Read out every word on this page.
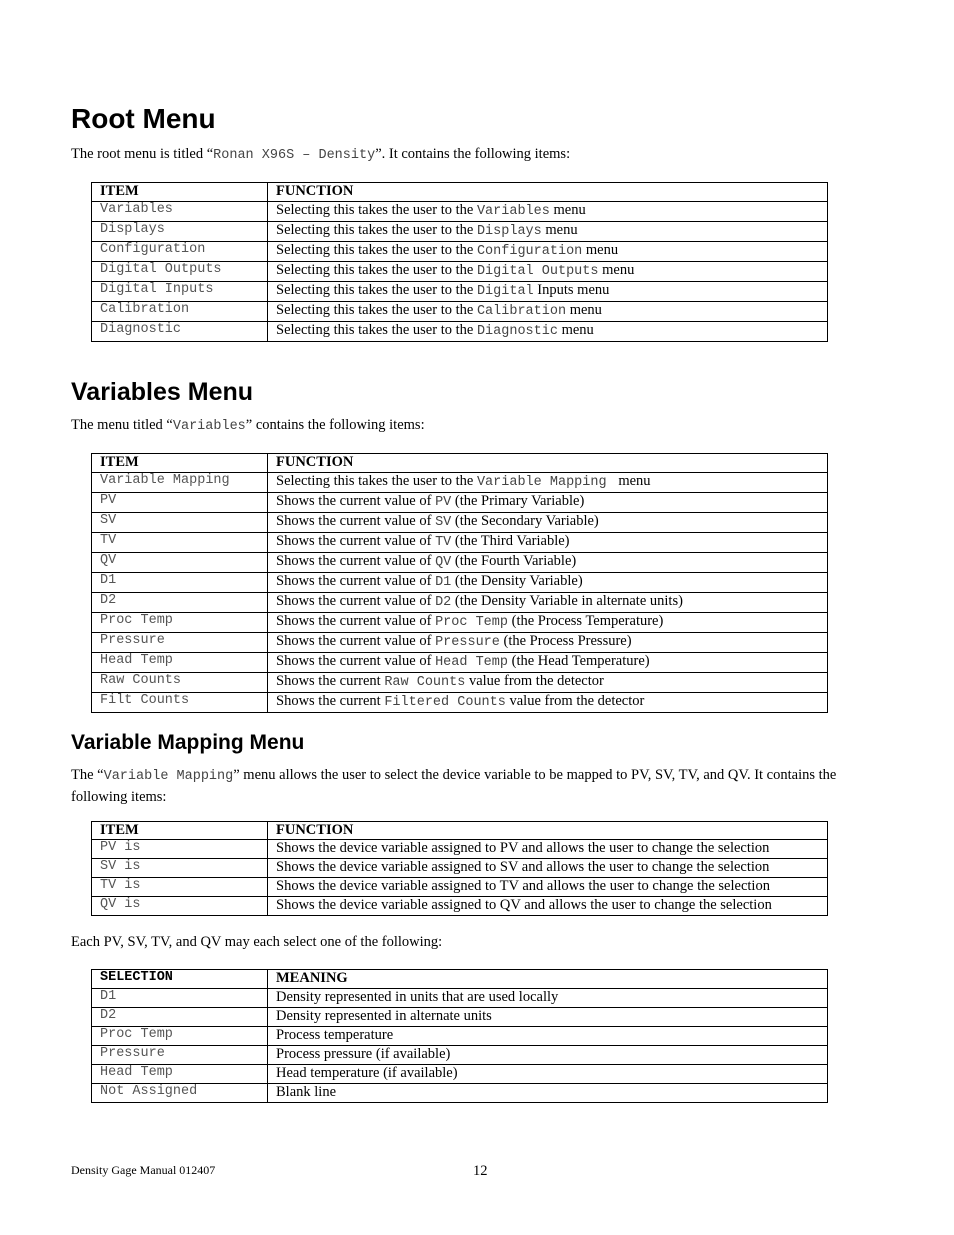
Root Menu

The root menu is titled “Ronan X96S – Density”. It contains the following items:

ITEM	FUNCTION
Variables	Selecting this takes the user to the Variables menu
Displays	Selecting this takes the user to the Displays menu
Configuration	Selecting this takes the user to the Configuration menu
Digital Outputs	Selecting this takes the user to the Digital Outputs menu
Digital Inputs	Selecting this takes the user to the Digital Inputs menu
Calibration	Selecting this takes the user to the Calibration menu
Diagnostic	Selecting this takes the user to the Diagnostic menu
Variables Menu

The menu titled “Variables” contains the following items:

ITEM	FUNCTION
Variable Mapping	Selecting this takes the user to the Variable Mapping  menu
PV	Shows the current value of PV (the Primary Variable)
SV	Shows the current value of SV (the Secondary Variable)
TV	Shows the current value of TV (the Third Variable)
QV	Shows the current value of QV (the Fourth Variable)
D1	Shows the current value of D1 (the Density Variable)
D2	Shows the current value of D2 (the Density Variable in alternate units)
Proc Temp	Shows the current value of Proc Temp (the Process Temperature)
Pressure	Shows the current value of Pressure (the Process Pressure)
Head Temp	Shows the current value of Head Temp (the Head Temperature)
Raw Counts	Shows the current Raw Counts value from the detector
Filt Counts	Shows the current Filtered Counts value from the detector
Variable Mapping Menu

The “Variable Mapping” menu allows the user to select the device variable to be mapped to PV, SV, TV, and QV. It contains the following items:

ITEM	FUNCTION
PV is	Shows the device variable assigned to PV and allows the user to change the selection
SV is	Shows the device variable assigned to SV and allows the user to change the selection
TV is	Shows the device variable assigned to TV and allows the user to change the selection
QV is	Shows the device variable assigned to QV and allows the user to change the selection

Each PV, SV, TV, and QV may each select one of the following:

SELECTION	MEANING
D1	Density represented in units that are used locally
D2	Density represented in alternate units
Proc Temp	Process temperature
Pressure	Process pressure (if available)
Head Temp	Head temperature (if available)
Not Assigned	Blank line
Density Gage Manual 012407	12
